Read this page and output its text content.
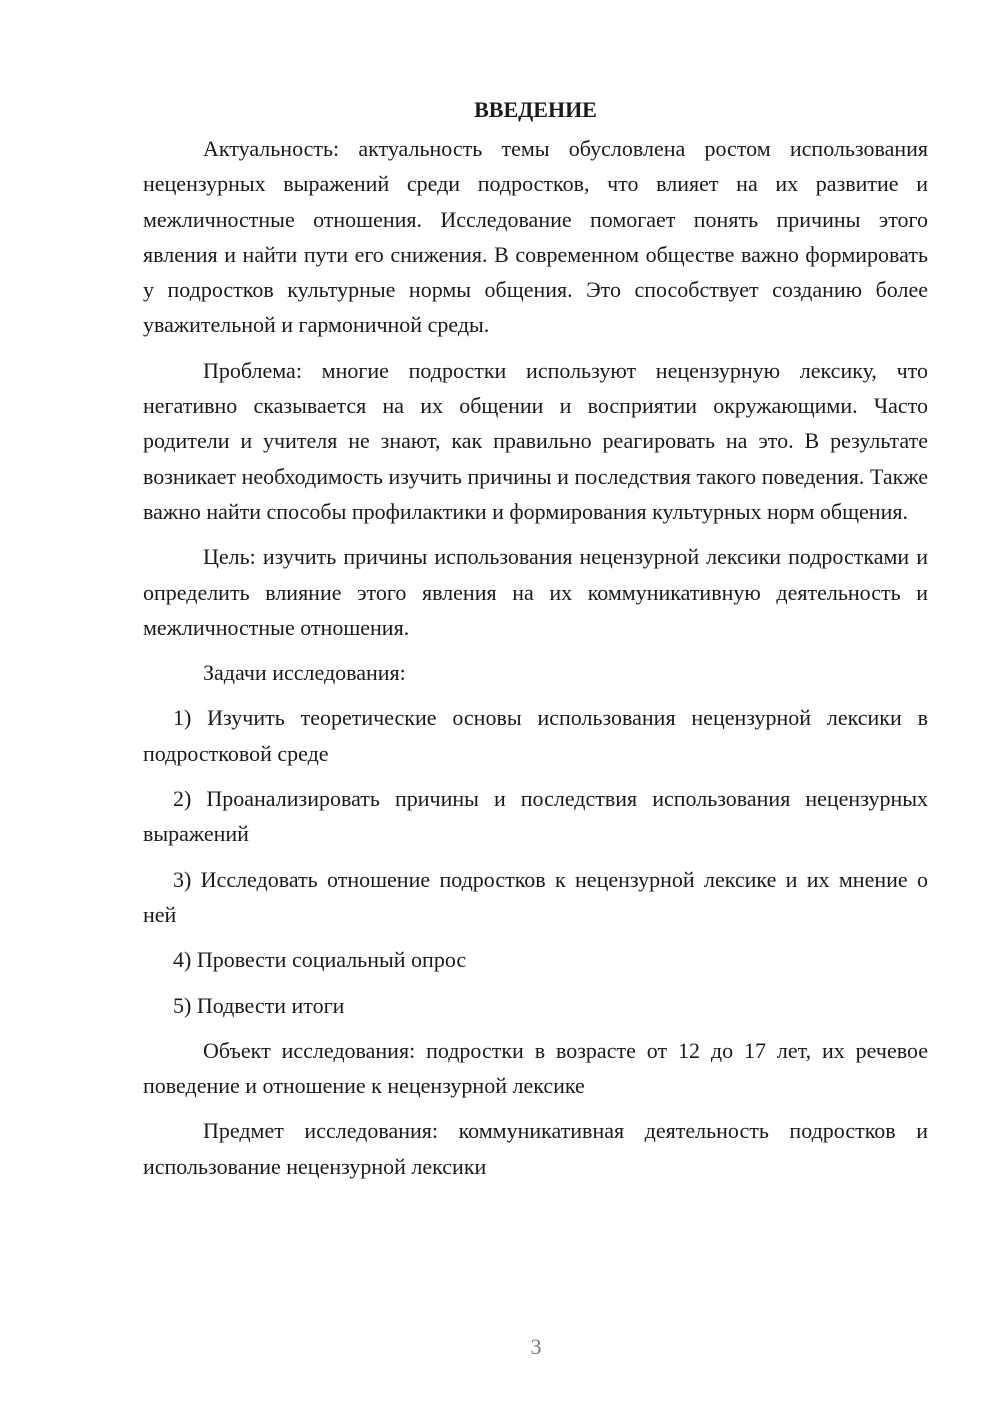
ВВЕДЕНИЕ

Актуальность: актуальность темы обусловлена ростом использования нецензурных выражений среди подростков, что влияет на их развитие и межличностные отношения. Исследование помогает понять причины этого явления и найти пути его снижения. В современном обществе важно формировать у подростков культурные нормы общения. Это способствует созданию более уважительной и гармоничной среды.

Проблема: многие подростки используют нецензурную лексику, что негативно сказывается на их общении и восприятии окружающими. Часто родители и учителя не знают, как правильно реагировать на это. В результате возникает необходимость изучить причины и последствия такого поведения. Также важно найти способы профилактики и формирования культурных норм общения.

Цель: изучить причины использования нецензурной лексики подростками и определить влияние этого явления на их коммуникативную деятельность и межличностные отношения.

Задачи исследования:

1) Изучить теоретические основы использования нецензурной лексики в подростковой среде

2) Проанализировать причины и последствия использования нецензурных выражений

3) Исследовать отношение подростков к нецензурной лексике и их мнение о ней

4) Провести социальный опрос

5) Подвести итоги

Объект исследования: подростки в возрасте от 12 до 17 лет, их речевое поведение и отношение к нецензурной лексике

Предмет исследования: коммуникативная деятельность подростков и использование нецензурной лексики

3
